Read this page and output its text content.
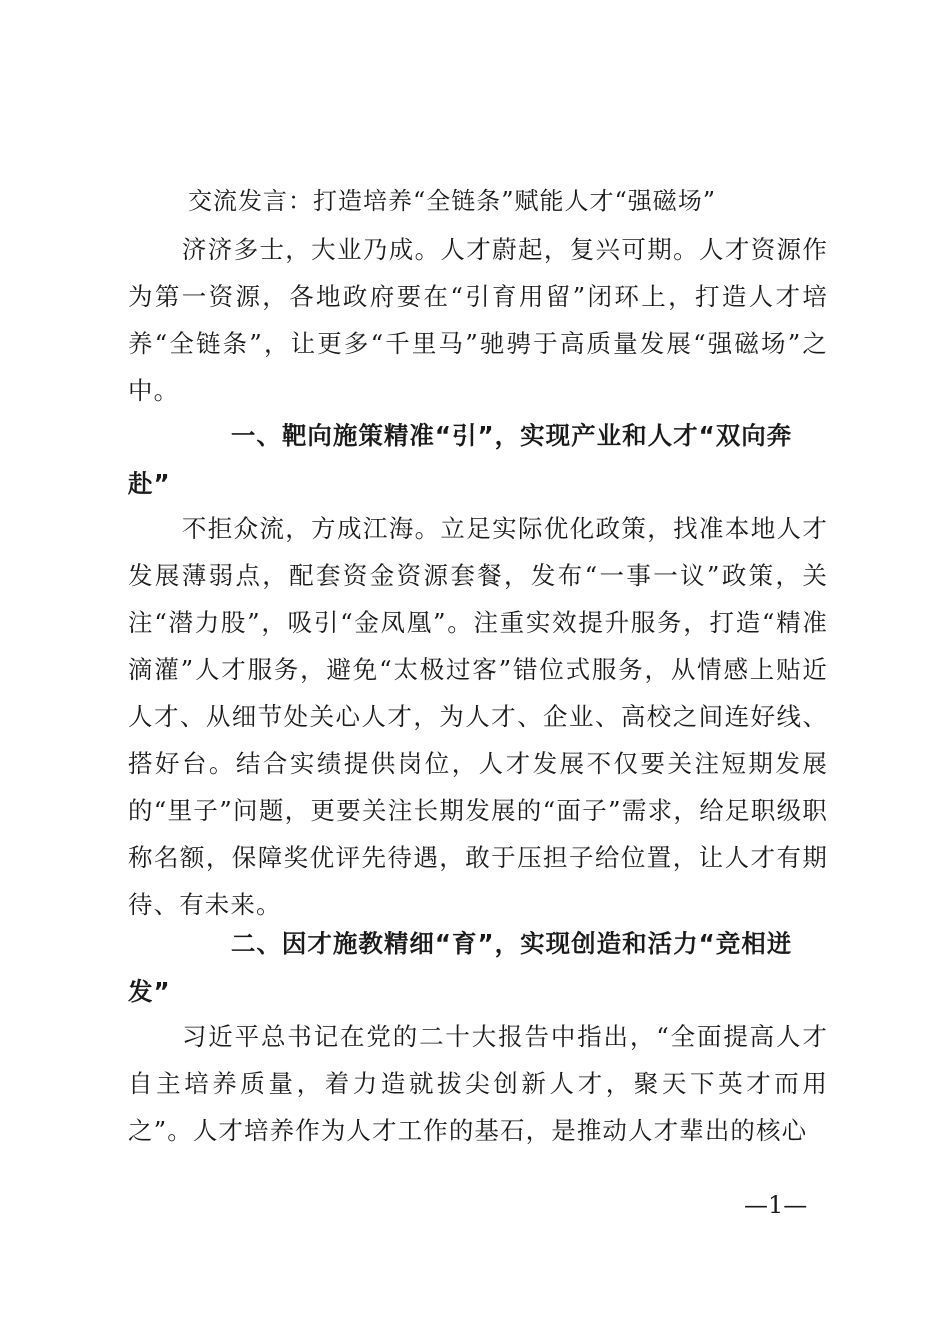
交流发言：打造培养“全链条”赋能人才“强磁场”

济济多士，大业乃成。人才蔚起，复兴可期。人才资源作为第一资源，各地政府要在“引育用留”闭环上，打造人才培养“全链条”，让更多“千里马”驰骋于高质量发展“强磁场”之中。

一、靶向施策精准“引”，实现产业和人才“双向奔赴”

不拒众流，方成江海。立足实际优化政策，找准本地人才发展薄弱点，配套资金资源套餐，发布“一事一议”政策，关注“潜力股”，吸引“金凤凰”。注重实效提升服务，打造“精准滴灌”人才服务，避免“太极过客”错位式服务，从情感上贴近人才、从细节处关心人才，为人才、企业、高校之间连好线、搭好台。结合实绩提供岗位，人才发展不仅要关注短期发展的“里子”问题，更要关注长期发展的“面子”需求，给足职级职称名额，保障奖优评先待遇，敢于压担子给位置，让人才有期待、有未来。

二、因才施教精细“育”，实现创造和活力“竞相迸发”

习近平总书记在党的二十大报告中指出，“全面提高人才自主培养质量，着力造就拔尖创新人才，聚天下英才而用之”。人才培养作为人才工作的基石，是推动人才辈出的核心

—1—
